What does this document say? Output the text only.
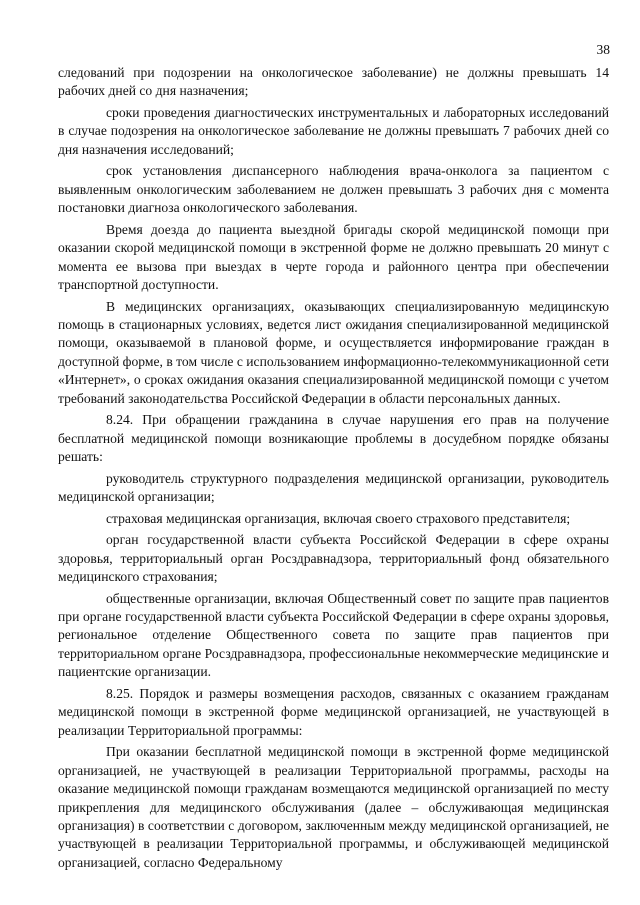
38

следований при подозрении на онкологическое заболевание) не должны превышать 14 рабочих дней со дня назначения;

сроки проведения диагностических инструментальных и лабораторных исследований в случае подозрения на онкологическое заболевание не должны превышать 7 рабочих дней со дня назначения исследований;

срок установления диспансерного наблюдения врача-онколога за пациентом с выявленным онкологическим заболеванием не должен превышать 3 рабочих дня с момента постановки диагноза онкологического заболевания.

Время доезда до пациента выездной бригады скорой медицинской помощи при оказании скорой медицинской помощи в экстренной форме не должно превышать 20 минут с момента ее вызова при выездах в черте города и районного центра при обеспечении транспортной доступности.

В медицинских организациях, оказывающих специализированную медицинскую помощь в стационарных условиях, ведется лист ожидания специализированной медицинской помощи, оказываемой в плановой форме, и осуществляется информирование граждан в доступной форме, в том числе с использованием информационно-телекоммуникационной сети «Интернет», о сроках ожидания оказания специализированной медицинской помощи с учетом требований законодательства Российской Федерации в области персональных данных.

8.24. При обращении гражданина в случае нарушения его прав на получение бесплатной медицинской помощи возникающие проблемы в досудебном порядке обязаны решать:

руководитель структурного подразделения медицинской организации, руководитель медицинской организации;

страховая медицинская организация, включая своего страхового представителя;

орган государственной власти субъекта Российской Федерации в сфере охраны здоровья, территориальный орган Росздравнадзора, территориальный фонд обязательного медицинского страхования;

общественные организации, включая Общественный совет по защите прав пациентов при органе государственной власти субъекта Российской Федерации в сфере охраны здоровья, региональное отделение Общественного совета по защите прав пациентов при территориальном органе Росздравнадзора, профессиональные некоммерческие медицинские и пациентские организации.

8.25. Порядок и размеры возмещения расходов, связанных с оказанием гражданам медицинской помощи в экстренной форме медицинской организацией, не участвующей в реализации Территориальной программы:

При оказании бесплатной медицинской помощи в экстренной форме медицинской организацией, не участвующей в реализации Территориальной программы, расходы на оказание медицинской помощи гражданам возмещаются медицинской организацией по месту прикрепления для медицинского обслуживания (далее – обслуживающая медицинская организация) в соответствии с договором, заключенным между медицинской организацией, не участвующей в реализации Территориальной программы, и обслуживающей медицинской организацией, согласно Федеральному
